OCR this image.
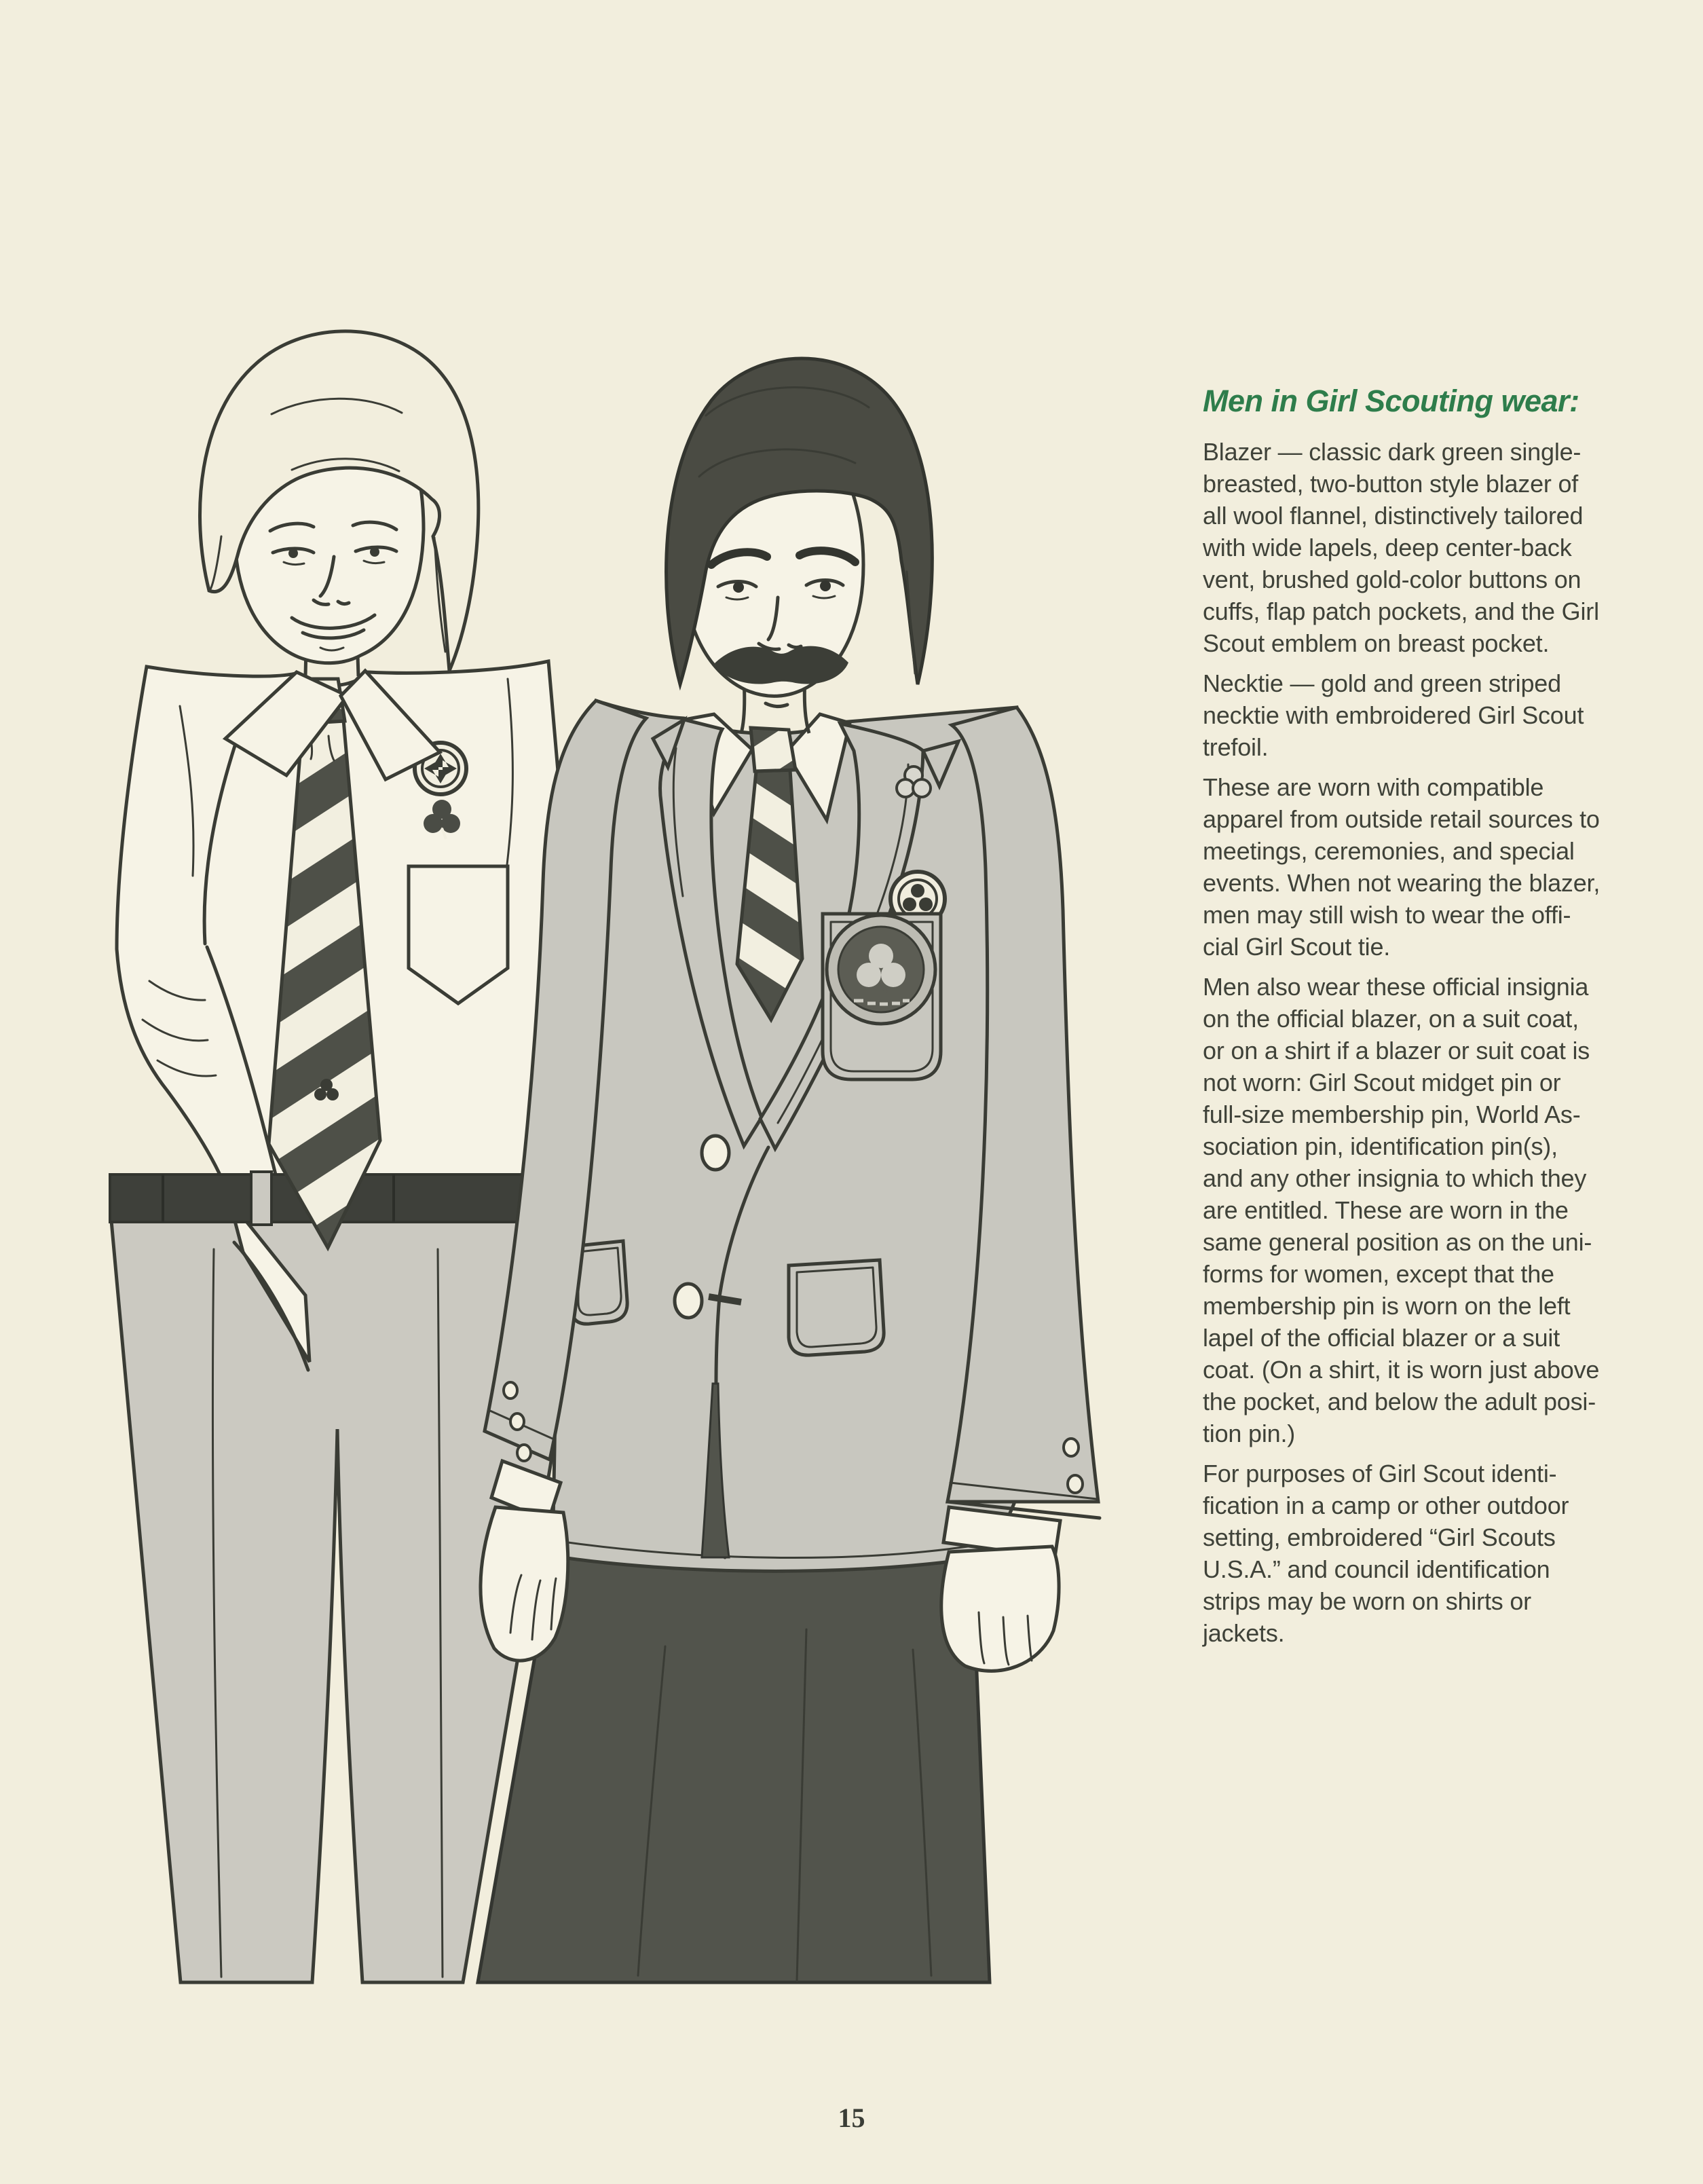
Men in Girl Scouting wear:
Blazer — classic dark green single-
breasted, two-button style blazer of
all wool flannel, distinctively tailored
with wide lapels, deep center-back
vent, brushed gold-color buttons on
cuffs, flap patch pockets, and the Girl
Scout emblem on breast pocket.
Necktie — gold and green striped
necktie with embroidered Girl Scout
trefoil.
These are worn with compatible
apparel from outside retail sources to
meetings, ceremonies, and special
events. When not wearing the blazer,
men may still wish to wear the offi-
cial Girl Scout tie.
Men also wear these official insignia
on the official blazer, on a suit coat,
or on a shirt if a blazer or suit coat is
not worn: Girl Scout midget pin or
full-size membership pin, World As-
sociation pin, identification pin(s),
and any other insignia to which they
are entitled. These are worn in the
same general position as on the uni-
forms for women, except that the
membership pin is worn on the left
lapel of the official blazer or a suit
coat. (On a shirt, it is worn just above
the pocket, and below the adult posi-
tion pin.)
For purposes of Girl Scout identi-
fication in a camp or other outdoor
setting, embroidered “Girl Scouts
U.S.A.” and council identification
strips may be worn on shirts or
jackets.
15
